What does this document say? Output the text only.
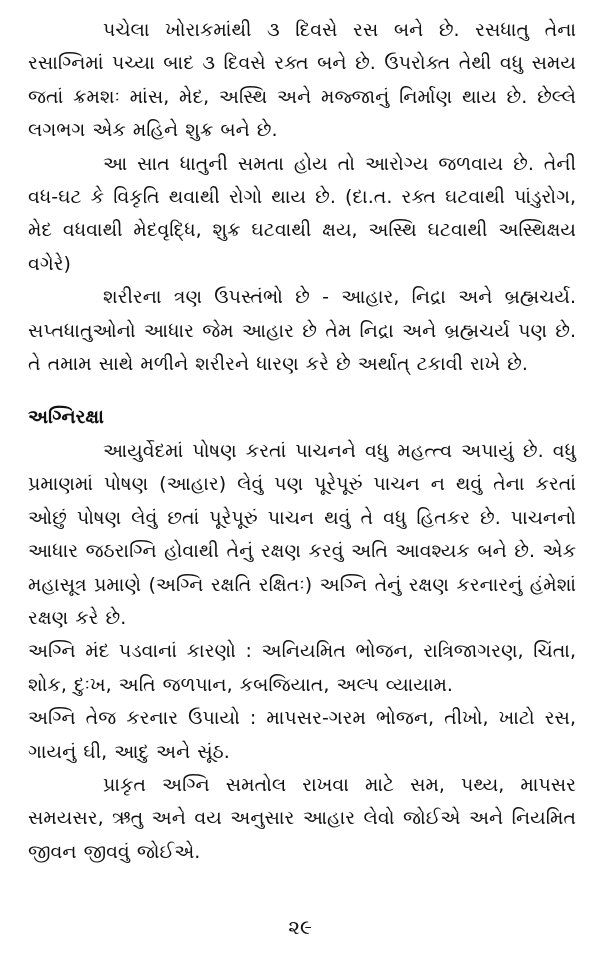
પચેલા ખોરાકમાંથી ૩ દિવસે રસ બને છે. રસધાતુ તેના રસાગ્નિમાં પચ્યા બાદ ૩ દિવસે રક્ત બને છે. ઉપરોક્ત તેથી વધુ સમય જતાં ક્રમશઃ માંસ, મેદ, અસ્થિ અને મજ્જાનું નિર્માણ થાય છે. છેલ્લે લગભગ એક મહિને શુક્ર બને છે.

આ સાત ધાતુની સમતા હોય તો આરોગ્ય જળવાય છે. તેની વધ-ઘટ કે વિકૃતિ થવાથી રોગો થાય છે. (દા.ત. રક્ત ઘટવાથી પાંડુરોગ, મેદ વધવાથી મેદવૃદ્ધિ, શુક્ર ઘટવાથી ક્ષય, અસ્થિ ઘટવાથી અસ્થિક્ષય વગેરે)

શરીરના ત્રણ ઉપસ્તંભો છે - આહાર, નિદ્રા અને બ્રહ્મચર્ય. સપ્તધાતુઓનો આધાર જેમ આહાર છે તેમ નિદ્રા અને બ્રહ્મચર્ય પણ છે. તે તમામ સાથે મળીને શરીરને ધારણ કરે છે અર્થાત્ ટકાવી રાખે છે.

અગ્નિરક્ષા

આયુર્વેદમાં પોષણ કરતાં પાચનને વધુ મહત્ત્વ અપાયું છે. વધુ પ્રમાણમાં પોષણ (આહાર) લેવું પણ પૂરેપૂરું પાચન ન થવું તેના કરતાં ઓછું પોષણ લેવું છતાં પૂરેપૂરું પાચન થવું તે વધુ હિતકર છે. પાચનનો આધાર જઠરાગ્નિ હોવાથી તેનું રક્ષણ કરવું અતિ આવશ્યક બને છે. એક મહાસૂત્ર પ્રમાણે (અગ્નિ રક્ષતિ રક્ષિતઃ) અગ્નિ તેનું રક્ષણ કરનારનું હંમેશાં રક્ષણ કરે છે.

અગ્નિ મંદ પડવાનાં કારણો : અનિયમિત ભોજન, રાત્રિજાગરણ, ચિંતા, શોક, દુઃખ, અતિ જળપાન, કબજિયાત, અલ્પ વ્યાયામ.

અગ્નિ તેજ કરનાર ઉપાયો : માપસર-ગરમ ભોજન, તીખો, ખાટો રસ, ગાયનું ઘી, આદુ અને સૂંઠ.

પ્રાકૃત અગ્નિ સમતોલ રાખવા માટે સમ, પથ્ય, માપસર સમયસર, ઋતુ અને વય અનુસાર આહાર લેવો જોઈએ અને નિયમિત જીવન જીવવું જોઈએ.

૨૯
